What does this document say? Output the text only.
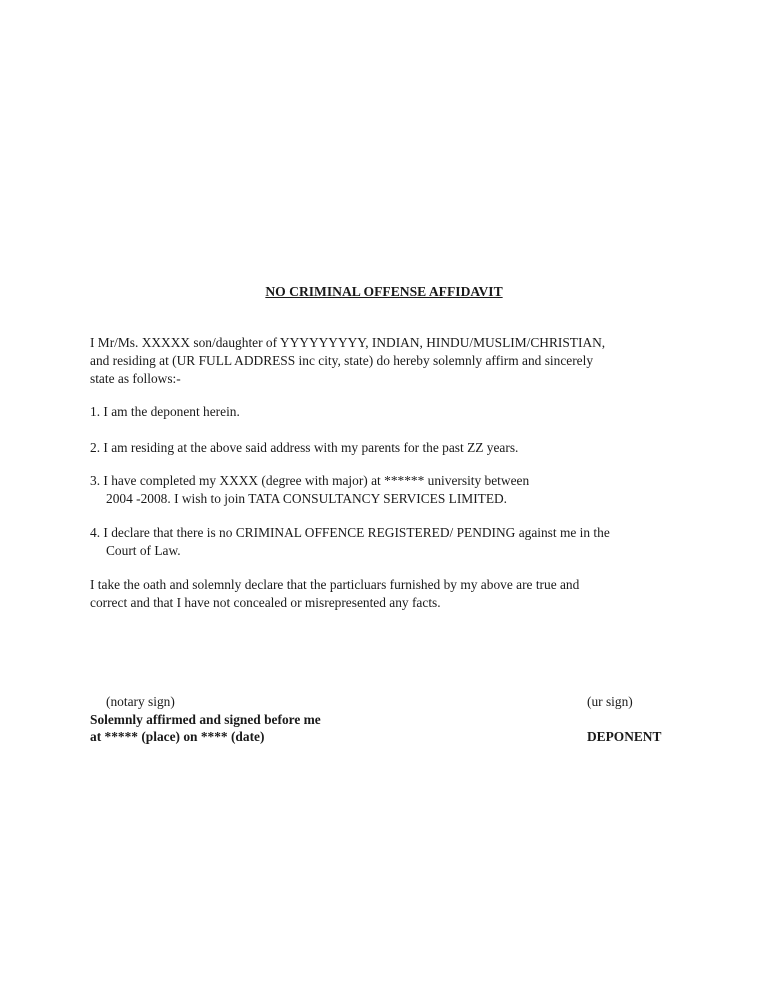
NO CRIMINAL OFFENSE AFFIDAVIT
I Mr/Ms. XXXXX son/daughter of YYYYYYYYY, INDIAN, HINDU/MUSLIM/CHRISTIAN,
and residing at (UR FULL ADDRESS inc city, state) do hereby solemnly affirm and sincerely
state as follows:-
1. I am the deponent herein.
2. I am residing at the above said address with my parents for the past ZZ years.
3. I have completed my XXXX (degree with major) at ****** university between
2004 -2008. I wish to join TATA CONSULTANCY SERVICES LIMITED.
4. I declare that there is no CRIMINAL OFFENCE REGISTERED/ PENDING against me in the
Court of Law.
I take the oath and solemnly declare that the particluars furnished by my above are true and
correct and that I have not concealed or misrepresented any facts.
(notary sign)	(ur sign)
Solemnly affirmed and signed before me
at ***** (place) on **** (date)	DEPONENT
